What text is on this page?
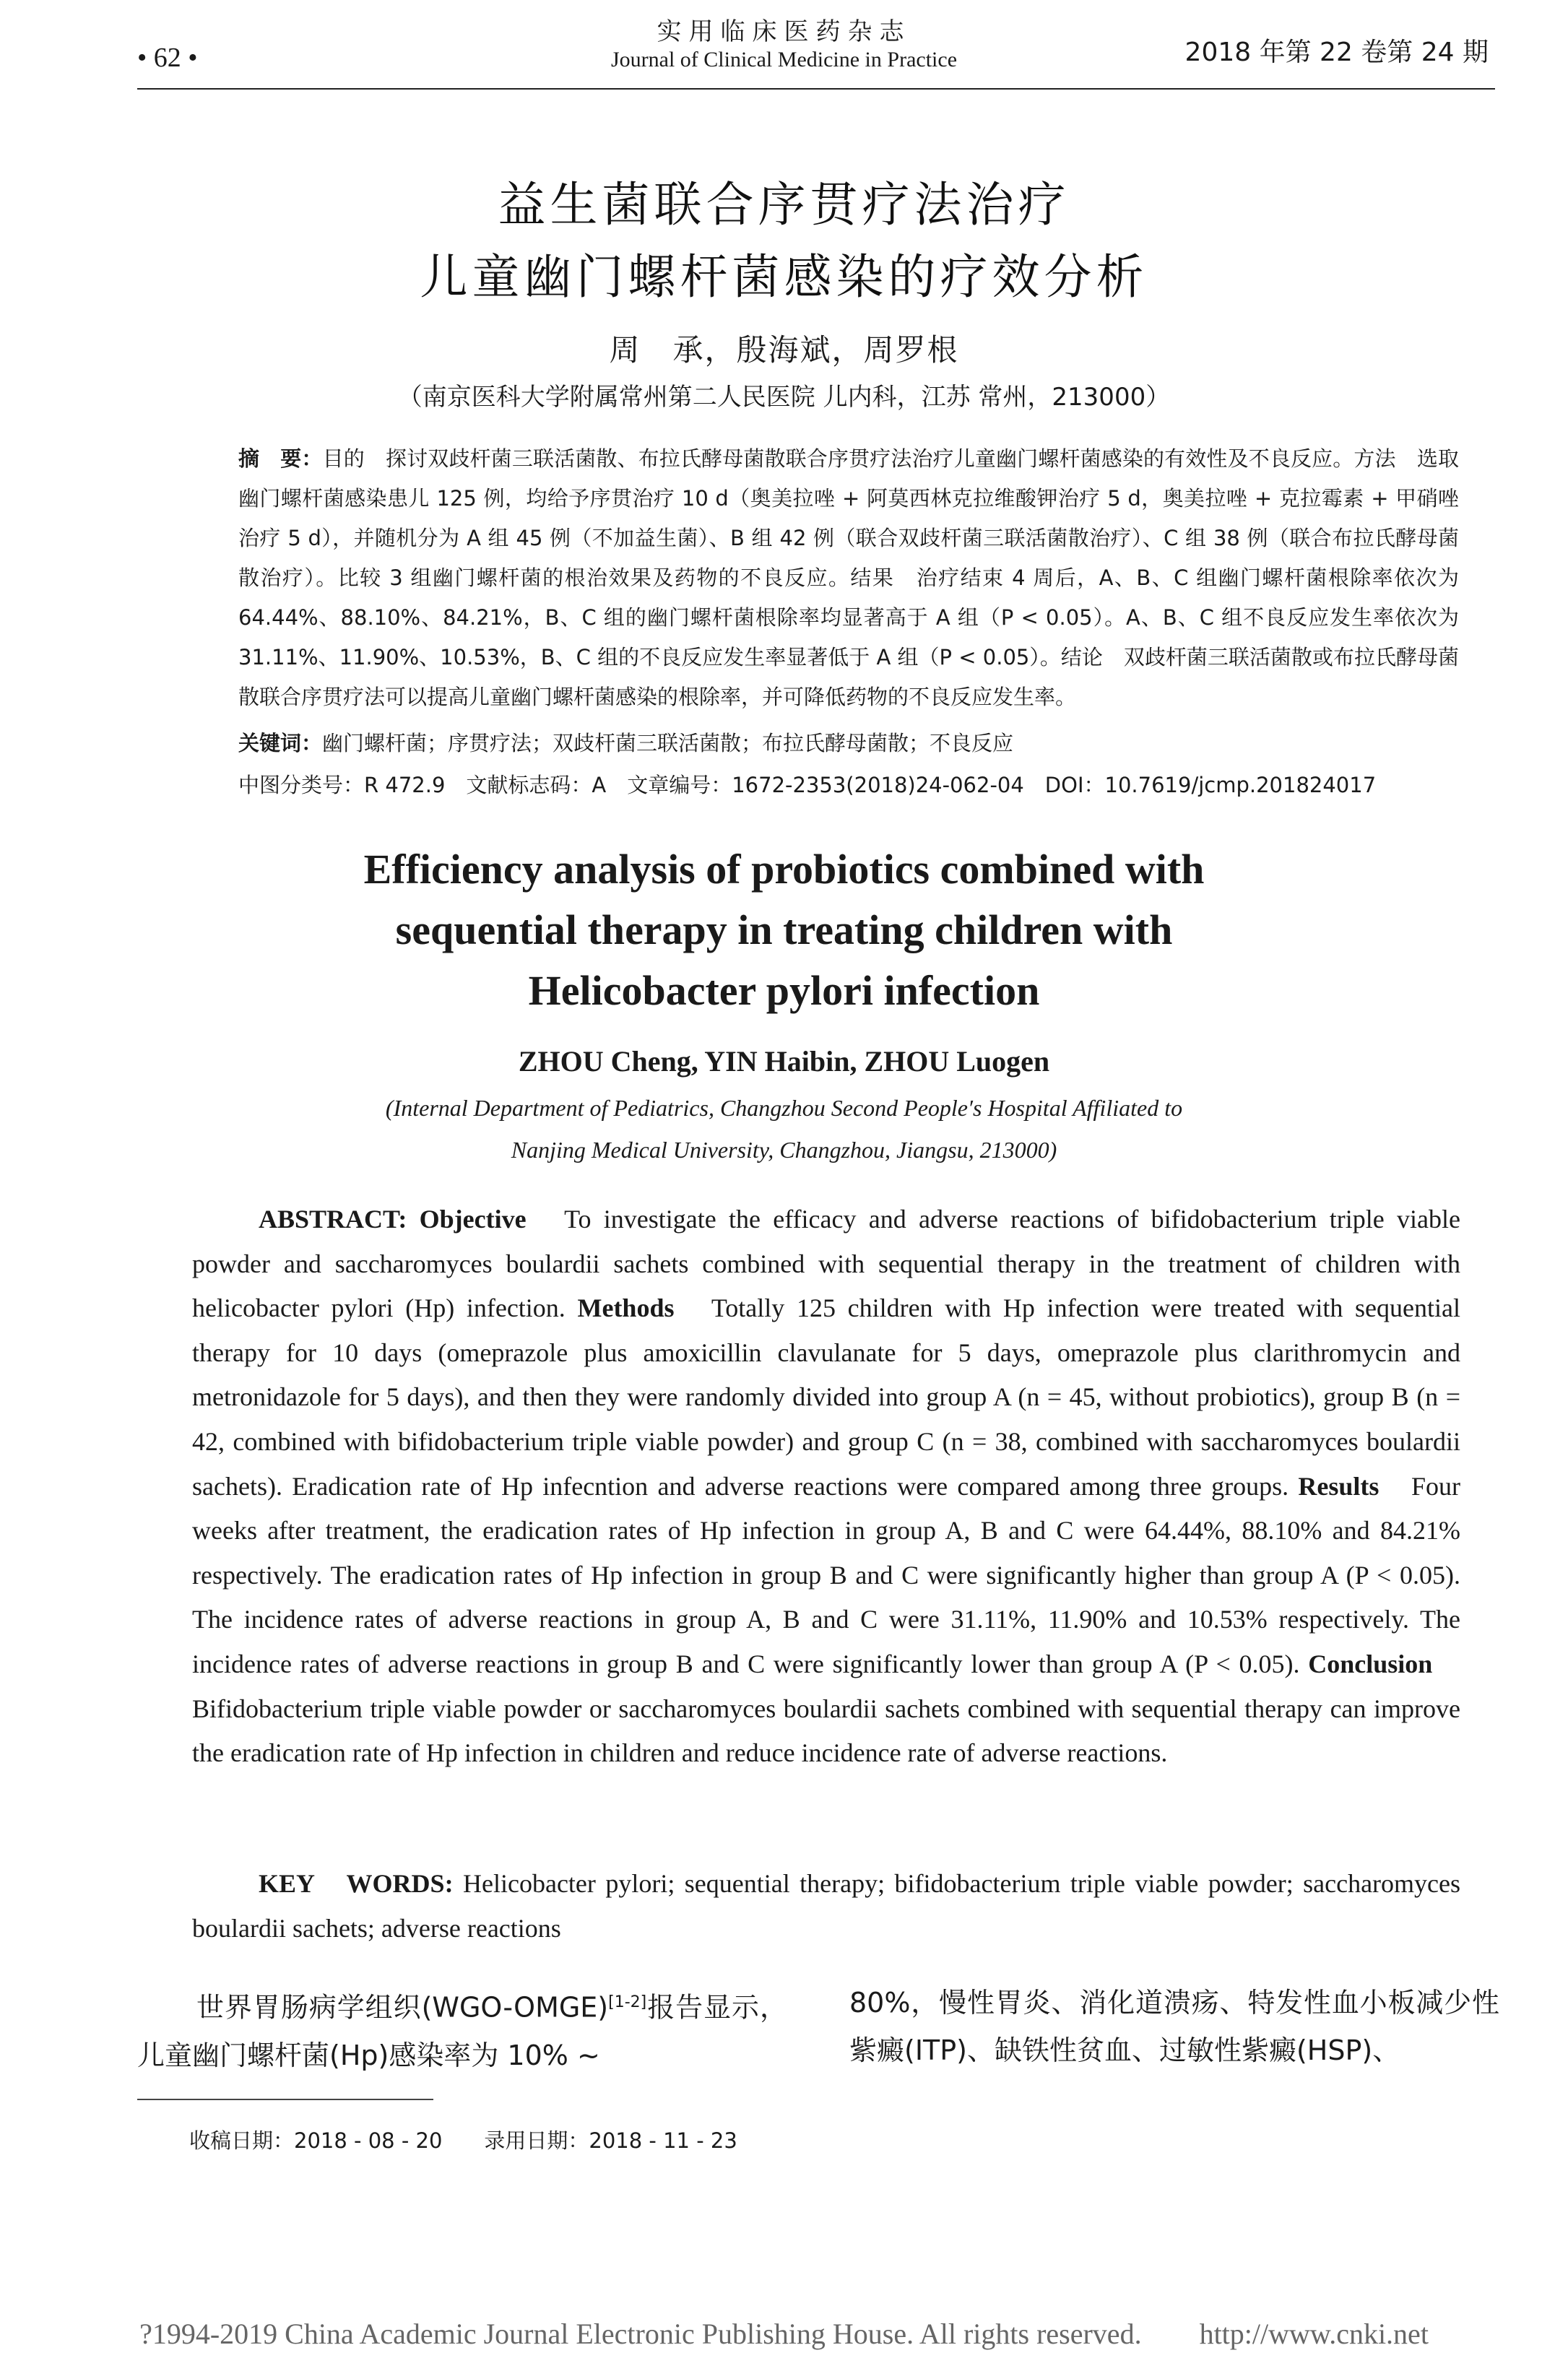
• 62 •
实用临床医药杂志
Journal of Clinical Medicine in Practice	2018 年第 22 卷第 24 期
益生菌联合序贯疗法治疗
儿童幽门螺杆菌感染的疗效分析
周　承，殷海斌，周罗根
（南京医科大学附属常州第二人民医院 儿内科，江苏 常州，213000）
摘　要：目的　探讨双歧杆菌三联活菌散、布拉氏酵母菌散联合序贯疗法治疗儿童幽门螺杆菌感染的有效性及不良反应。方法　选取幽门螺杆菌感染患儿 125 例，均给予序贯治疗 10 d（奥美拉唑 + 阿莫西林克拉维酸钾治疗 5 d，奥美拉唑 + 克拉霉素 + 甲硝唑治疗 5 d），并随机分为 A 组 45 例（不加益生菌）、B 组 42 例（联合双歧杆菌三联活菌散治疗）、C 组 38 例（联合布拉氏酵母菌散治疗）。比较 3 组幽门螺杆菌的根治效果及药物的不良反应。结果　治疗结束 4 周后，A、B、C 组幽门螺杆菌根除率依次为 64.44%、88.10%、84.21%，B、C 组的幽门螺杆菌根除率均显著高于 A 组（P < 0.05）。A、B、C 组不良反应发生率依次为 31.11%、11.90%、10.53%，B、C 组的不良反应发生率显著低于 A 组（P < 0.05）。结论　双歧杆菌三联活菌散或布拉氏酵母菌散联合序贯疗法可以提高儿童幽门螺杆菌感染的根除率，并可降低药物的不良反应发生率。
关键词：幽门螺杆菌；序贯疗法；双歧杆菌三联活菌散；布拉氏酵母菌散；不良反应
中图分类号：R 472.9　文献标志码：A　文章编号：1672-2353(2018)24-062-04　DOI：10.7619/jcmp.201824017
Efficiency analysis of probiotics combined with
sequential therapy in treating children with
Helicobacter pylori infection
ZHOU Cheng, YIN Haibin, ZHOU Luogen
(Internal Department of Pediatrics, Changzhou Second People′s Hospital Affiliated to
Nanjing Medical University, Changzhou, Jiangsu, 213000)
ABSTRACT: Objective　To investigate the efficacy and adverse reactions of bifidobacterium triple viable powder and saccharomyces boulardii sachets combined with sequential therapy in the treatment of children with helicobacter pylori (Hp) infection. Methods　Totally 125 children with Hp infection were treated with sequential therapy for 10 days (omeprazole plus amoxicillin clavulanate for 5 days, omeprazole plus clarithromycin and metronidazole for 5 days), and then they were randomly divided into group A (n = 45, without probiotics), group B (n = 42, combined with bifidobacterium triple viable powder) and group C (n = 38, combined with saccharomyces boulardii sachets). Eradication rate of Hp infecntion and adverse reactions were compared among three groups. Results　Four weeks after treatment, the eradication rates of Hp infection in group A, B and C were 64.44%, 88.10% and 84.21% respectively. The eradication rates of Hp infection in group B and C were significantly higher than group A (P < 0.05). The incidence rates of adverse reactions in group A, B and C were 31.11%, 11.90% and 10.53% respectively. The incidence rates of adverse reactions in group B and C were significantly lower than group A (P < 0.05). Conclusion　Bifidobacterium triple viable powder or saccharomyces boulardii sachets combined with sequential therapy can improve the eradication rate of Hp infection in children and reduce incidence rate of adverse reactions.
KEY　WORDS: Helicobacter pylori; sequential therapy; bifidobacterium triple viable powder; saccharomyces boulardii sachets; adverse reactions
世界胃肠病学组织(WGO-OMGE)[1-2]报告显示，儿童幽门螺杆菌(Hp)感染率为 10% ~
80%，慢性胃炎、消化道溃疡、特发性血小板减少性紫癜(ITP)、缺铁性贫血、过敏性紫癜(HSP)、
收稿日期：2018 - 08 - 20　　录用日期：2018 - 11 - 23
?1994-2019 China Academic Journal Electronic Publishing House. All rights reserved.　　http://www.cnki.net
